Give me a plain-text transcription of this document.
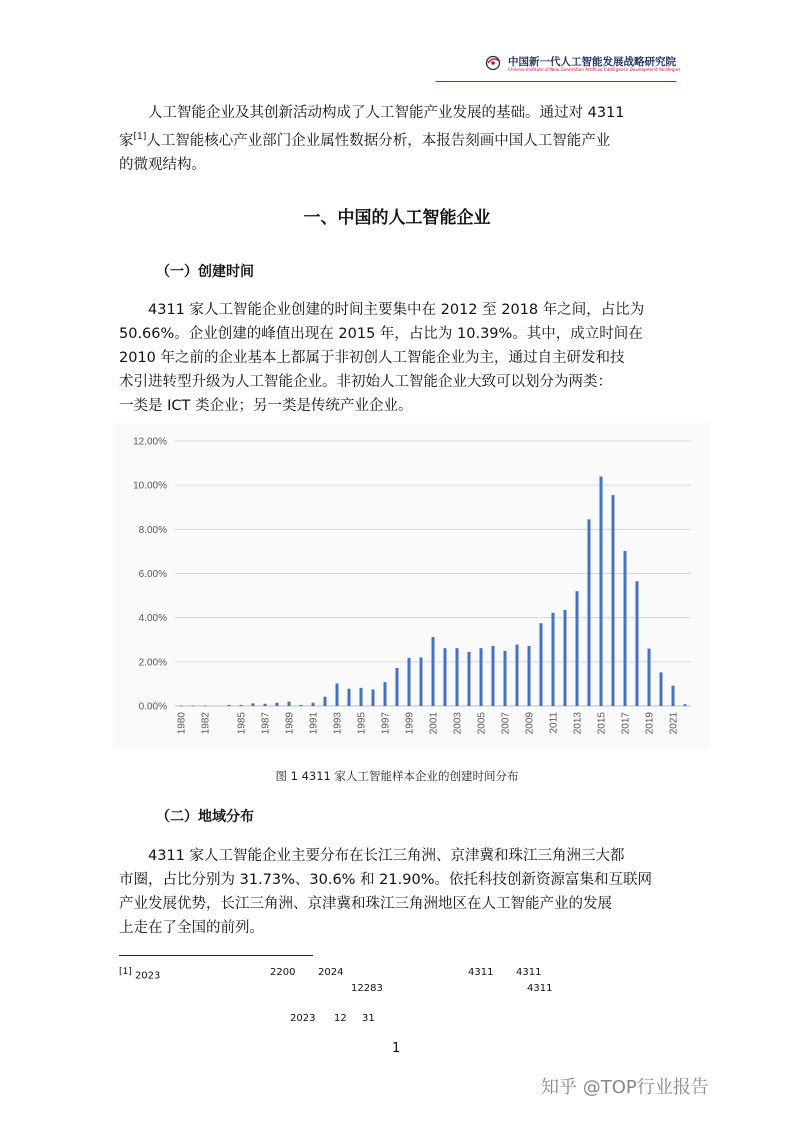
中国新一代人工智能发展战略研究院
Chinese Institute of New Generation Artificial Intelligence Development Strategies
人工智能企业及其创新活动构成了人工智能产业发展的基础。通过对 4311
家[1]人工智能核心产业部门企业属性数据分析，本报告刻画中国人工智能产业
的微观结构。
一、中国的人工智能企业
（一）创建时间
4311 家人工智能企业创建的时间主要集中在 2012 至 2018 年之间，占比为
50.66%。企业创建的峰值出现在 2015 年，占比为 10.39%。其中，成立时间在
2010 年之前的企业基本上都属于非初创人工智能企业为主，通过自主研发和技
术引进转型升级为人工智能企业。非初始人工智能企业大致可以划分为两类：
一类是 ICT 类企业；另一类是传统产业企业。
0.00%
2.00%
4.00%
6.00%
8.00%
10.00%
12.00%
1980 1982	1985 1987 1989 1991 1993 1995 1997 1999 2001 2003 2005 2007 2009 2011 2013 2015 2017 2019 2021
图 1 4311 家人工智能样本企业的创建时间分布
（二）地域分布
4311 家人工智能企业主要分布在长江三角洲、京津冀和珠江三角洲三大都
市圈，占比分别为 31.73%、30.6% 和 21.90%。依托科技创新资源富集和互联网
产业发展优势，长江三角洲、京津冀和珠江三角洲地区在人工智能产业的发展
上走在了全国的前列。
[1] 2023	2200 2024	4311 4311
12283	4311
2023 12 31
1
知乎 @TOP行业报告
